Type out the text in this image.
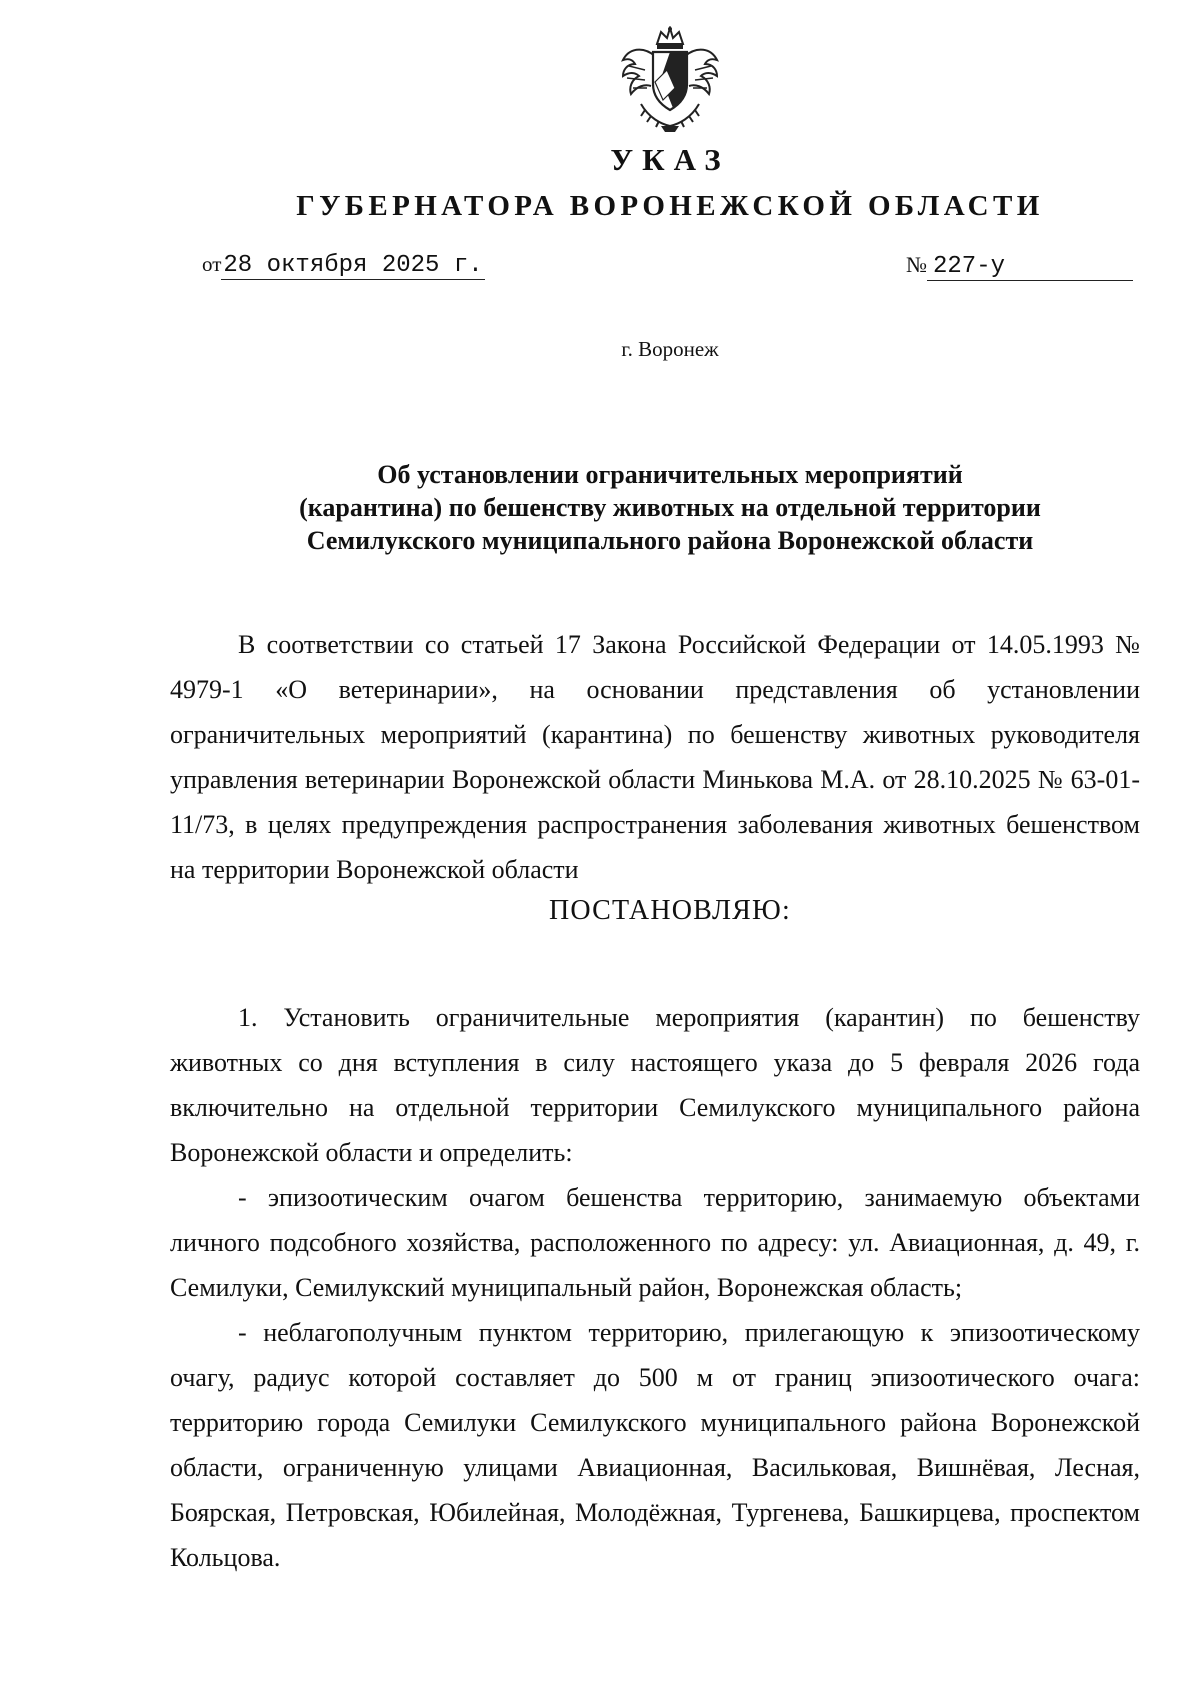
УКАЗ
ГУБЕРНАТОРА ВОРОНЕЖСКОЙ ОБЛАСТИ
от28 октября 2025 г.	№ 227-у
г. Воронеж
Об установлении ограничительных мероприятий
(карантина) по бешенству животных на отдельной территории
Семилукского муниципального района Воронежской области

В соответствии со статьей 17 Закона Российской Федерации от 14.05.1993 № 4979-1 «О ветеринарии», на основании представления об установлении ограничительных мероприятий (карантина) по бешенству животных руководителя управления ветеринарии Воронежской области Минькова М.А. от 28.10.2025 № 63-01-11/73, в целях предупреждения распространения заболевания животных бешенством на территории Воронежской области

ПОСТАНОВЛЯЮ:

1. Установить ограничительные мероприятия (карантин) по бешенству животных со дня вступления в силу настоящего указа до 5 февраля 2026 года включительно на отдельной территории Семилукского муниципального района Воронежской области и определить:

- эпизоотическим очагом бешенства территорию, занимаемую объектами личного подсобного хозяйства, расположенного по адресу: ул. Авиационная, д. 49, г. Семилуки, Семилукский муниципальный район, Воронежская область;

- неблагополучным пунктом территорию, прилегающую к эпизоотическому очагу, радиус которой составляет до 500 м от границ эпизоотического очага: территорию города Семилуки Семилукского муниципального района Воронежской области, ограниченную улицами Авиационная, Васильковая, Вишнёвая, Лесная, Боярская, Петровская, Юбилейная, Молодёжная, Тургенева, Башкирцева, проспектом Кольцова.
